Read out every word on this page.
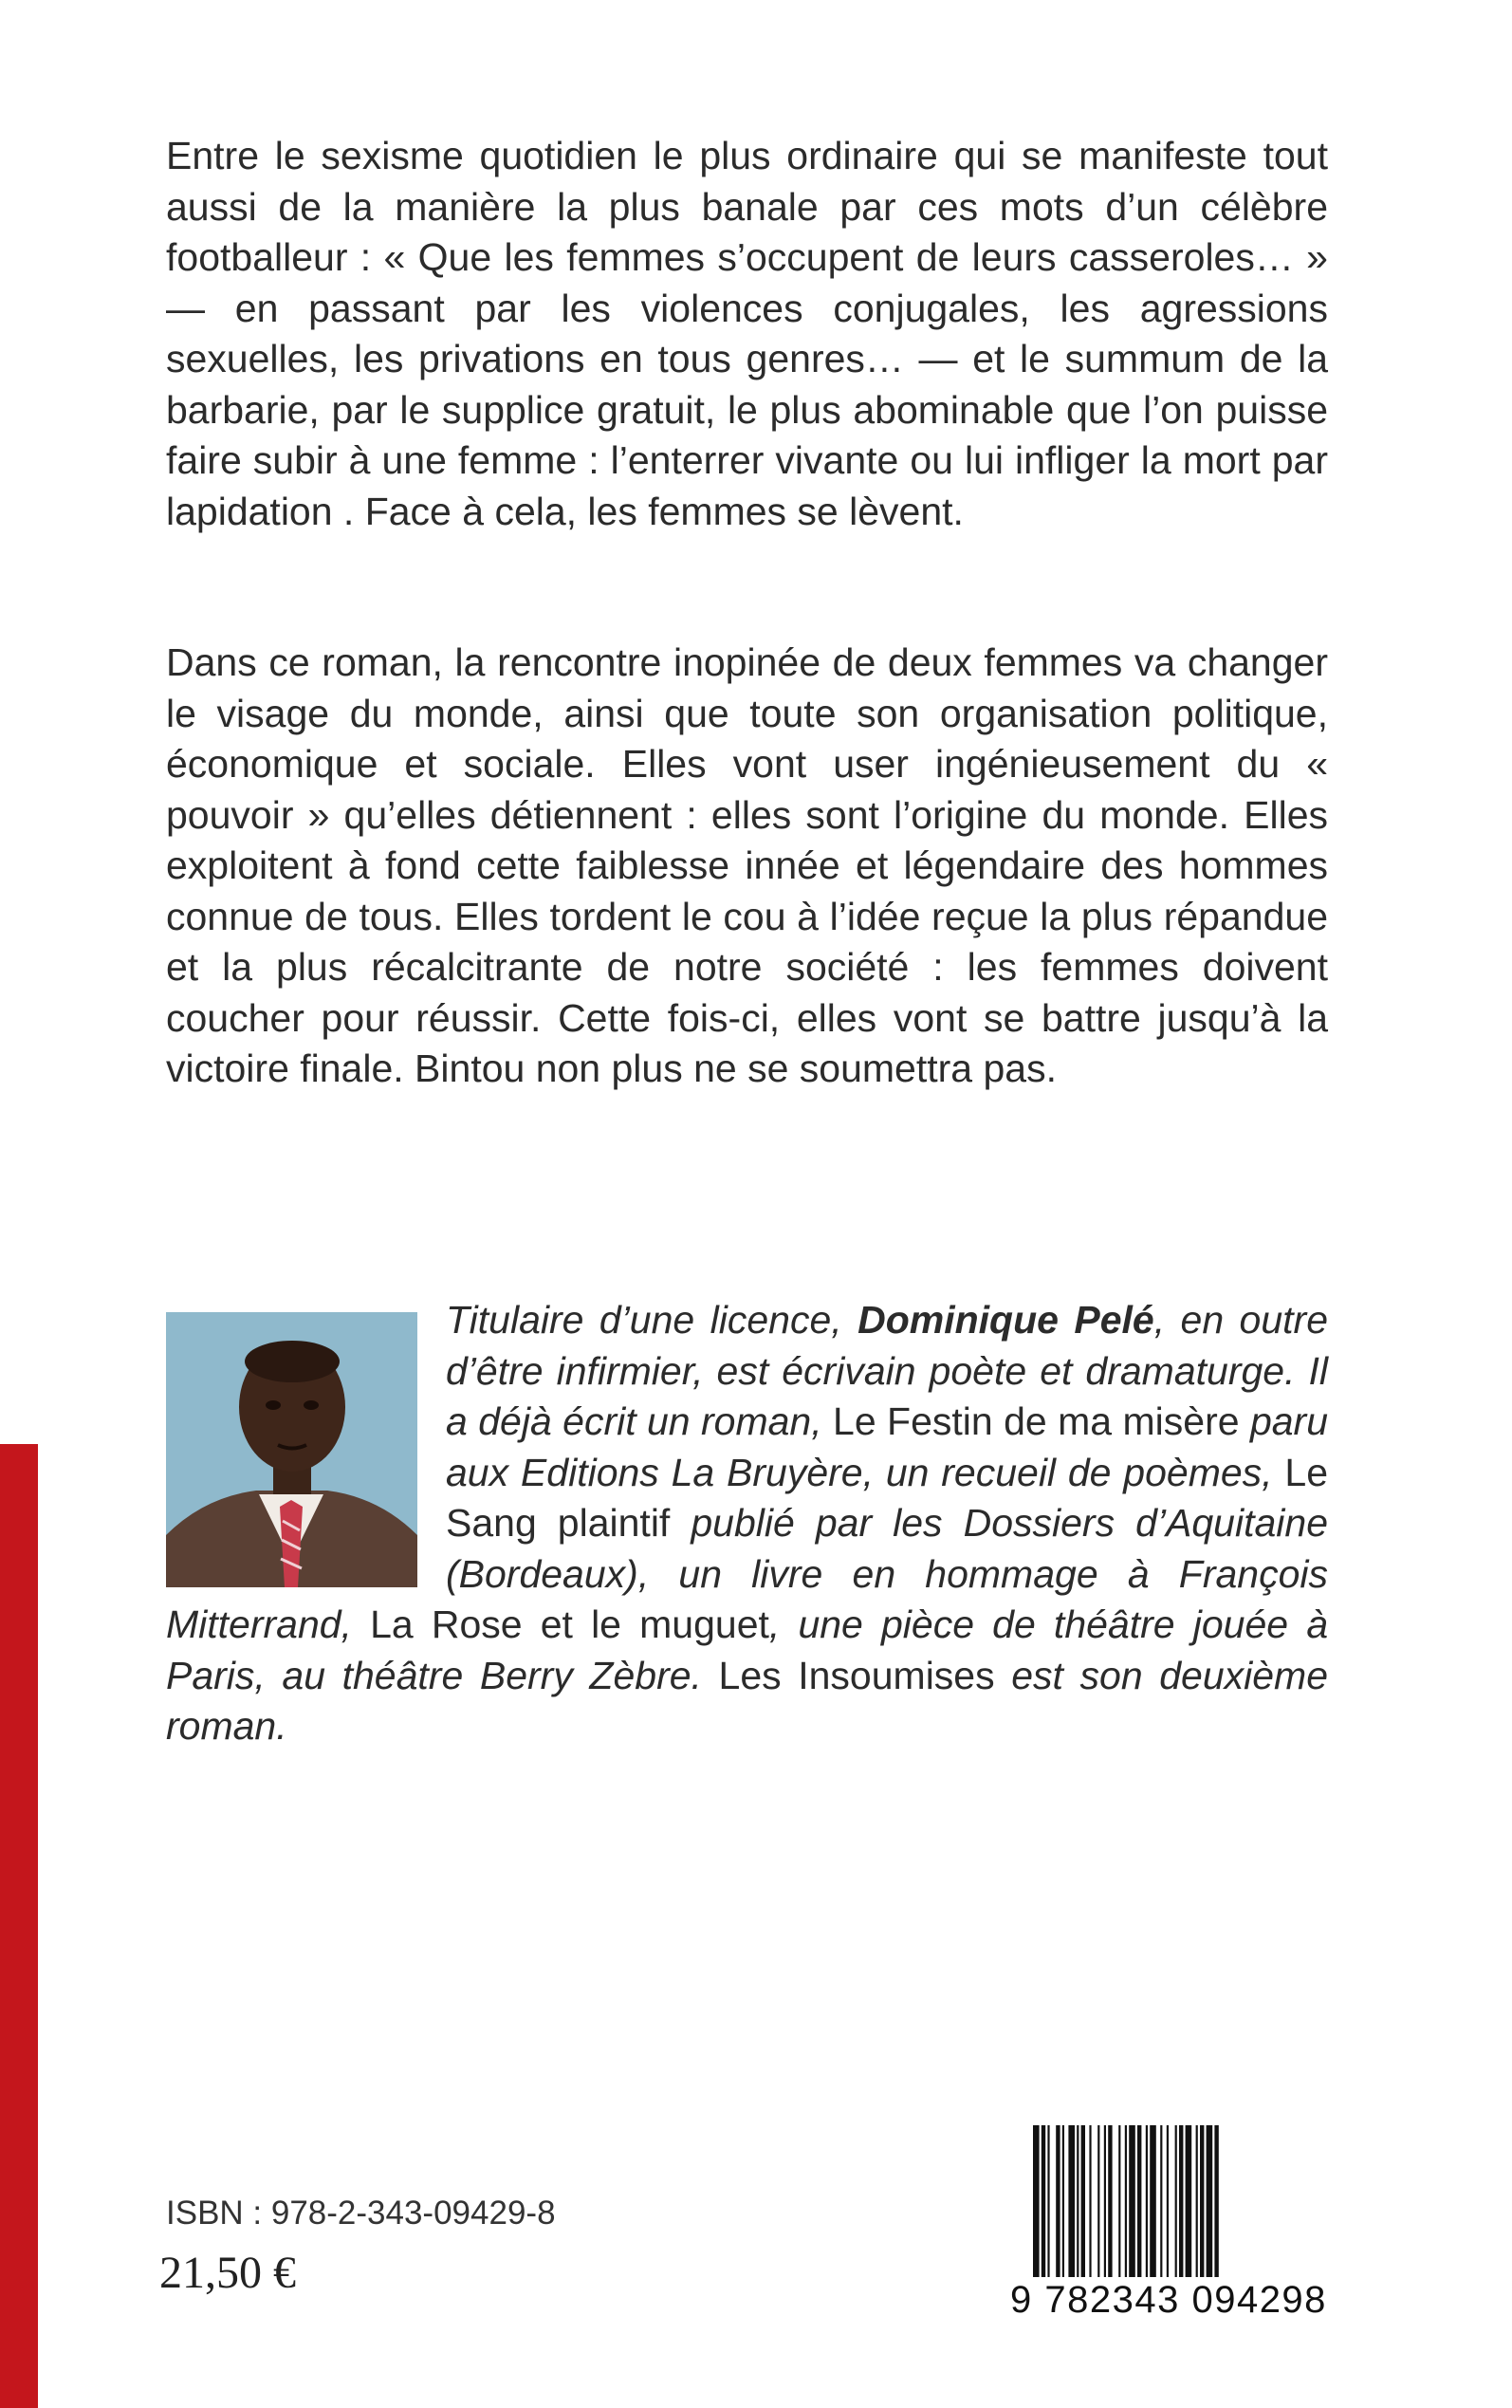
Entre le sexisme quotidien le plus ordinaire qui se manifeste tout aussi de la manière la plus banale par ces mots d’un célèbre footballeur : « Que les femmes s’occupent de leurs casseroles… » — en passant par les violences conjugales, les agressions sexuelles, les privations en tous genres… — et le summum de la barbarie, par le supplice gratuit, le plus abominable que l’on puisse faire subir à une femme : l’enterrer vivante ou lui infliger la mort par lapidation . Face à cela, les femmes se lèvent.

Dans ce roman, la rencontre inopinée de deux femmes va changer le visage du monde, ainsi que toute son organisation politique, économique et sociale. Elles vont user ingénieusement du « pouvoir » qu’elles détiennent : elles sont l’origine du monde. Elles exploitent à fond cette faiblesse innée et légendaire des hommes connue de tous. Elles tordent le cou à l’idée reçue la plus répandue et la plus récalcitrante de notre société : les femmes doivent coucher pour réussir. Cette fois-ci, elles vont se battre jusqu’à la victoire finale. Bintou non plus ne se soumettra pas.

Titulaire d’une licence, Dominique Pelé, en outre d’être infirmier, est écrivain poète et dramaturge. Il a déjà écrit un roman, Le Festin de ma misère paru aux Editions La Bruyère, un recueil de poèmes, Le Sang plaintif publié par les Dossiers d’Aquitaine (Bordeaux), un livre en hommage à François Mitterrand, La Rose et le muguet, une pièce de théâtre jouée à Paris, au théâtre Berry Zèbre. Les Insoumises est son deuxième roman.

ISBN : 978-2-343-09429-8

21,50 €

9 782343 094298
